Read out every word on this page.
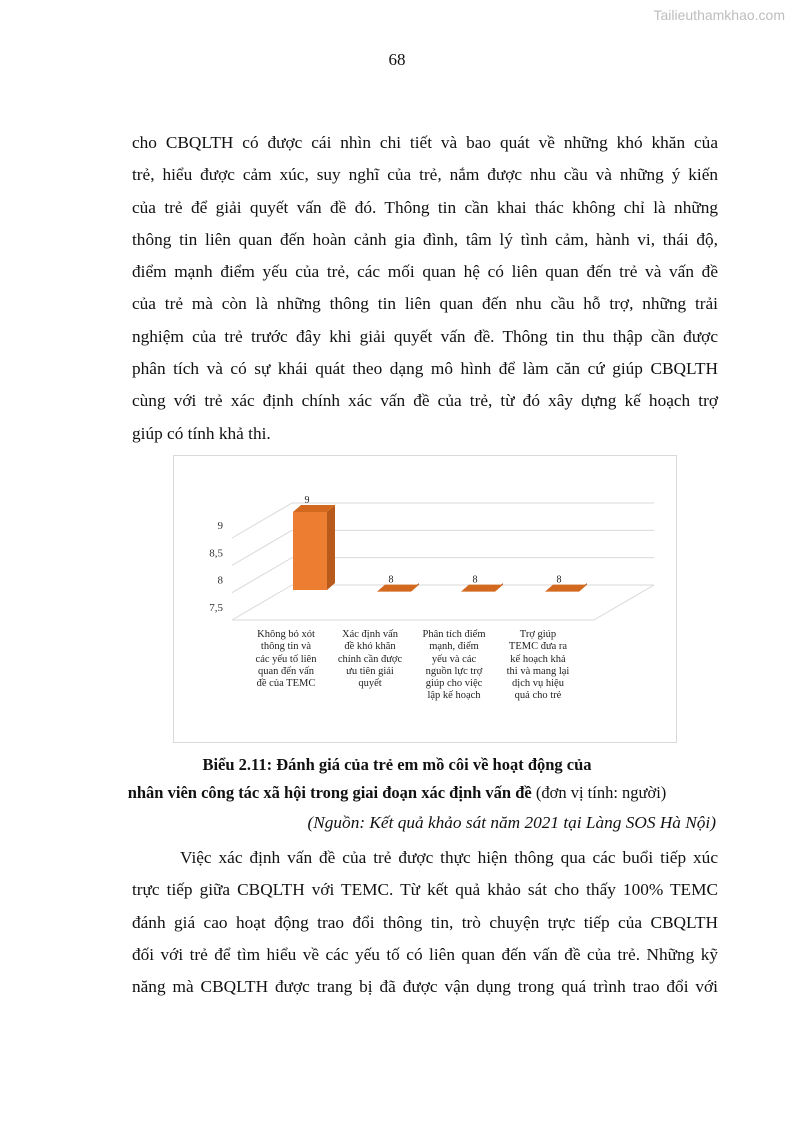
Tailieuthamkhao.com
68

cho CBQLTH có được cái nhìn chi tiết và bao quát về những khó khăn của
trẻ, hiểu được cảm xúc, suy nghĩ của trẻ, nắm được nhu cầu và những ý kiến
của trẻ để giải quyết vấn đề đó. Thông tin cần khai thác không chỉ là những
thông tin liên quan đến hoàn cảnh gia đình, tâm lý tình cảm, hành vi, thái độ,
điểm mạnh điểm yếu của trẻ, các mối quan hệ có liên quan đến trẻ và vấn đề
của trẻ mà còn là những thông tin liên quan đến nhu cầu hỗ trợ, những trải
nghiệm của trẻ trước đây khi giải quyết vấn đề. Thông tin thu thập cần được
phân tích và có sự khái quát theo dạng mô hình để làm căn cứ giúp CBQLTH
cùng với trẻ xác định chính xác vấn đề của trẻ, từ đó xây dựng kế hoạch trợ
giúp có tính khả thi.

7,5
8
8,5
9
9
8	8	8
Không bỏ xót
thông tin và
các yếu tố liên
quan đến vấn
đề của TEMC
Xác định vấn
đề khó khăn
chính cần được
ưu tiên giải
quyết
Phân tích điểm
mạnh, điểm
yếu và các
nguồn lực trợ
giúp cho việc
lập kế hoạch
Trợ giúp
TEMC đưa ra
kế hoạch khả
thi và mang lại
dịch vụ hiệu
quả cho trẻ
Biểu 2.11: Đánh giá của trẻ em mồ côi về hoạt động của
nhân viên công tác xã hội trong giai đoạn xác định vấn đề (đơn vị tính: người)
(Nguồn: Kết quả khảo sát năm 2021 tại Làng SOS Hà Nội)

Việc xác định vấn đề của trẻ được thực hiện thông qua các buổi tiếp xúc
trực tiếp giữa CBQLTH với TEMC. Từ kết quả khảo sát cho thấy 100% TEMC
đánh giá cao hoạt động trao đổi thông tin, trò chuyện trực tiếp của CBQLTH
đối với trẻ để tìm hiểu về các yếu tố có liên quan đến vấn đề của trẻ. Những kỹ
năng mà CBQLTH được trang bị đã được vận dụng trong quá trình trao đổi với
